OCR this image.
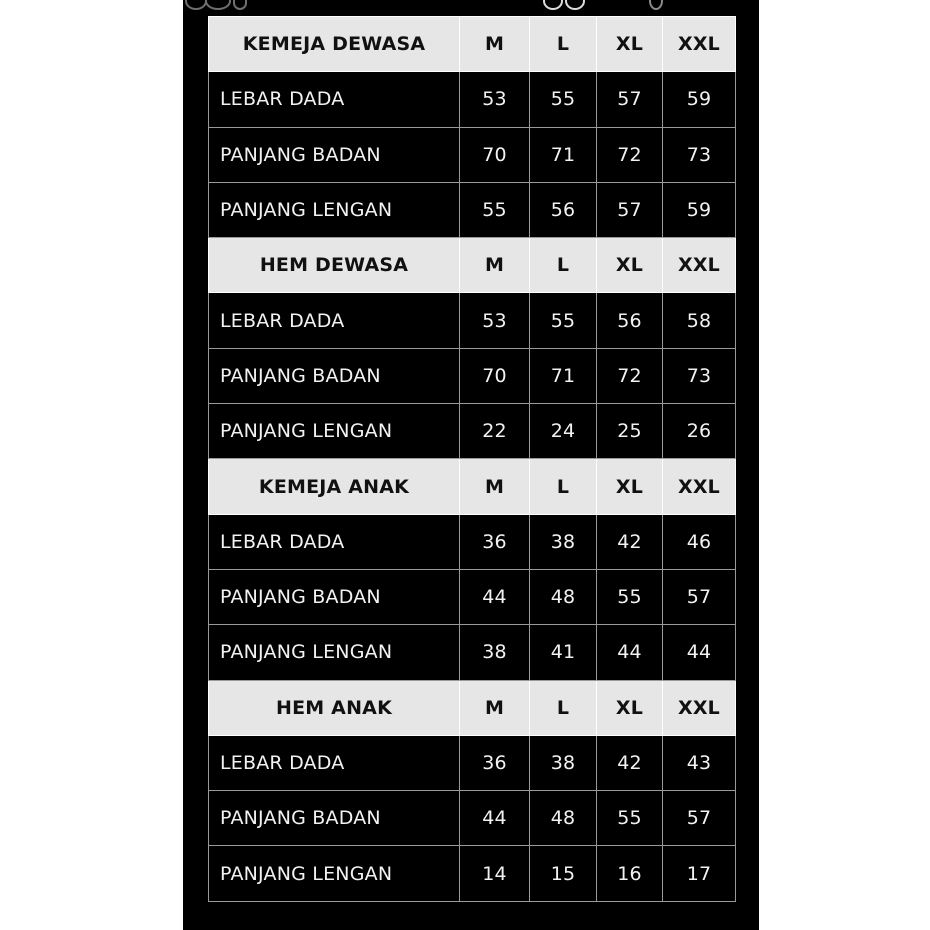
KEMEJA DEWASA	M	L	XL	XXL
LEBAR DADA	53	55	57	59
PANJANG BADAN	70	71	72	73
PANJANG LENGAN	55	56	57	59
HEM DEWASA	M	L	XL	XXL
LEBAR DADA	53	55	56	58
PANJANG BADAN	70	71	72	73
PANJANG LENGAN	22	24	25	26
KEMEJA ANAK	M	L	XL	XXL
LEBAR DADA	36	38	42	46
PANJANG BADAN	44	48	55	57
PANJANG LENGAN	38	41	44	44
HEM ANAK	M	L	XL	XXL
LEBAR DADA	36	38	42	43
PANJANG BADAN	44	48	55	57
PANJANG LENGAN	14	15	16	17
